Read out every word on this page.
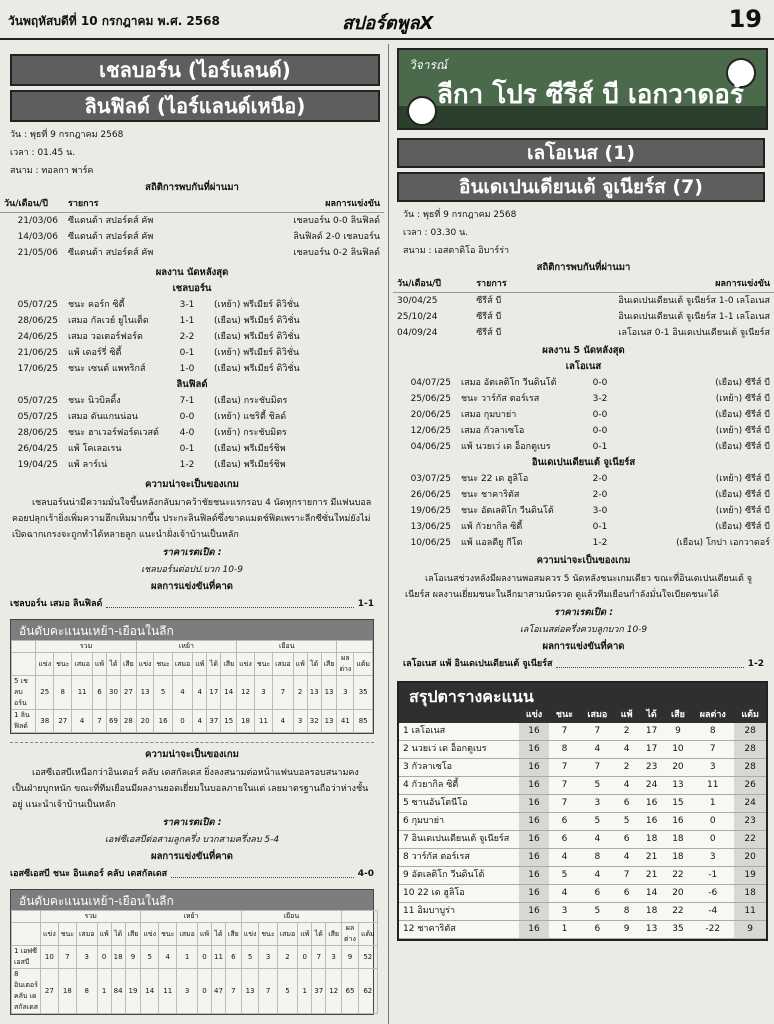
วันพฤหัสบดีที่ 10 กรกฎาคม พ.ศ. 2568	สปอร์ตพูลX	19
เชลบอร์น (ไอร์แลนด์)
ลินฟิลด์ (ไอร์แลนด์เหนือ)
วัน : พุธที่ 9 กรกฎาคม 2568
เวลา : 01.45 น.
สนาม : ทอลกา พาร์ค
สถิติการพบกันที่ผ่านมา
วัน/เดือน/ปี	รายการ	ผลการแข่งขัน
21/03/06	ซีแตนต้า สปอร์ตส์ คัพ	เชลบอร์น 0-0 ลินฟิลด์
14/03/06	ซีแตนต้า สปอร์ตส์ คัพ	ลินฟิลด์ 2-0 เชลบอร์น
21/05/06	ซีแตนต้า สปอร์ตส์ คัพ	เชลบอร์น 0-2 ลินฟิลด์
ผลงาน นัดหลังสุด
เชลบอร์น
05/07/25	ชนะ คอร์ก ซิตี้	3-1	(เหย้า) พรีเมียร์ ดิวิชั่น
28/06/25	เสมอ กัลเวย์ ยูไนเต็ด	1-1	(เยือน) พรีเมียร์ ดิวิชั่น
24/06/25	เสมอ วอเตอร์ฟอร์ด	2-2	(เยือน) พรีเมียร์ ดิวิชั่น
21/06/25	แพ้ เดอร์รี่ ซิตี้	0-1	(เหย้า) พรีเมียร์ ดิวิชั่น
17/06/25	ชนะ เซนต์ แพทริกส์	1-0	(เยือน) พรีเมียร์ ดิวิชั่น
ลินฟิลด์
05/07/25	ชนะ นิวบิลดิ้ง	7-1	(เยือน) กระชับมิตร
05/07/25	เสมอ ดันแกนน่อน	0-0	(เหย้า) แชริตี้ ชิลด์
28/06/25	ชนะ ฮาเวอร์ฟอร์ดเวสต์	4-0	(เหย้า) กระชับมิตร
26/04/25	แพ้ โคเลอเรน	0-1	(เยือน) พรีเมียร์ชิพ
19/04/25	แพ้ ลาร์เน่	1-2	(เยือน) พรีเมียร์ชิพ
ความน่าจะเป็นของเกม
เชลบอร์นน่ามีความมั่นใจขึ้นหลังกลับมาคว้าชัยชนะแรกรอบ 4 นัดทุกรายการ มีแฟนบอลคอยปลุกเร้ายิ่งเพิ่มความฮึกเหิมมากขึ้น ประกะลินฟิลด์ซึ่งขาดแมตช์ฟิตเพราะลีกซีซั่นใหม่ยังไม่เปิดฉากเกรงจะถูกทำได้หลายลูก แนะนำฝั่งเจ้าบ้านเป็นหลัก
ราคาเรตเปิด :
เชลบอร์นต่อปป.บวก 10-9
ผลการแข่งขันที่คาด
เชลบอร์น เสมอ ลินฟิลด์	1-1
อันดับคะแนนเหย้า-เยือนในลีก
	รวม						เหย้า						เยือน							
	แข่ง	ชนะ	เสมอ	แพ้	ได้	เสีย	แข่ง	ชนะ	เสมอ	แพ้	ได้	เสีย	แข่ง	ชนะ	เสมอ	แพ้	ได้	เสีย	ผลต่าง	แต้ม
5 เชลบอร์น	25	8	11	6	30	27	13	5	4	4	17	14	12	3	7	2	13	13	3	35
1 ลินฟิลด์	38	27	4	7	69	28	20	16	0	4	37	15	18	11	4	3	32	13	41	85
ความน่าจะเป็นของเกม
เอสซีเอสบีเหนือกว่าอินเตอร์ คลับ เดสกัลเดส ยิ่งลงสนามต่อหน้าแฟนบอลรอบสนามคงเป็นฝ่ายบุกหนัก ขณะที่ทีมเยือนมีผลงานยอดเยี่ยมในบอลภายในแต่ เลยมาตรฐานถือว่าห่างชั้นอยู่ แนะนำเจ้าบ้านเป็นหลัก
ราคาเรตเปิด :
เอฟซีเอสบีต่อสามลูกครึ่ง บวกสามครึ่งลบ 5-4
ผลการแข่งขันที่คาด
เอสซีเอสบี ชนะ อินเตอร์ คลับ เดสกัลเดส	4-0
อันดับคะแนนเหย้า-เยือนในลีก
	รวม						เหย้า						เยือน							
	แข่ง	ชนะ	เสมอ	แพ้	ได้	เสีย	แข่ง	ชนะ	เสมอ	แพ้	ได้	เสีย	แข่ง	ชนะ	เสมอ	แพ้	ได้	เสีย	ผลต่าง	แต้ม
1 เอฟซีเอสบี	10	7	3	0	18	9	5	4	1	0	11	6	5	3	2	0	7	3	9	52
8 อินเตอร์ คลับ เดสกัลเดส	27	18	8	1	84	19	14	11	3	0	47	7	13	7	5	1	37	12	65	62
วิจารณ์
ลีกา โปร ซีรีส์ บี เอกวาดอร์
เลโอเนส (1)
อินเดเปนเดียนเต้ จูเนียร์ส (7)
วัน : พุธที่ 9 กรกฎาคม 2568
เวลา : 03.30 น.
สนาม : เอสตาดิโอ อิบาร์ร่า
สถิติการพบกันที่ผ่านมา
วัน/เดือน/ปี	รายการ	ผลการแข่งขัน
30/04/25	ซีรีส์ บี	อินเดเปนเดียนเต้ จูเนียร์ส 1-0 เลโอเนส
25/10/24	ซีรีส์ บี	อินเดเปนเดียนเต้ จูเนียร์ส 1-1 เลโอเนส
04/09/24	ซีรีส์ บี	เลโอเนส 0-1 อินเดเปนเดียนเต้ จูเนียร์ส
ผลงาน 5 นัดหลังสุด
เลโอเนส
04/07/25	เสมอ อัตเลติโก วีนดินโต้	0-0	(เยือน) ซีรีส์ บี
25/06/25	ชนะ วาร์กัส ตอร์เรส	3-2	(เหย้า) ซีรีส์ บี
20/06/25	เสมอ กุมบาย่า	0-0	(เยือน) ซีรีส์ บี
12/06/25	เสมอ กัวลาเซโอ	0-0	(เหย้า) ซีรีส์ บี
04/06/25	แพ้ นวยเว่ เด อ็อกตูเบร	0-1	(เยือน) ซีรีส์ บี
อินเดเปนเดียนเต้ จูเนียร์ส
03/07/25	ชนะ 22 เด ฮูลิโอ	2-0	(เหย้า) ซีรีส์ บี
26/06/25	ชนะ ชาคาริตัส	2-0	(เยือน) ซีรีส์ บี
19/06/25	ชนะ อัตเลติโก วีนดินโต้	3-0	(เหย้า) ซีรีส์ บี
13/06/25	แพ้ กัวยากิล ซิตี้	0-1	(เยือน) ซีรีส์ บี
10/06/25	แพ้ แอลดียู กีโต	1-2	(เยือน) โกปา เอกวาดอร์
ความน่าจะเป็นของเกม
เลโอเนสช่วงหลังมีผลงานพอสมควร 5 นัดหลังชนะเกมเดียว ขณะที่อินเดเปนเดียนเต้ จูเนียร์ส ผลงานเยี่ยมชนะในลีกมาสามนัดรวด ดูแล้วทีมเยือนกำลังมั่นใจเบียดชนะได้
ราคาเรตเปิด :
เลโอเนสต่อครึ่งควบลูกบวก 10-9
ผลการแข่งขันที่คาด
เลโอเนส แพ้ อินเดเปนเดียนเต้ จูเนียร์ส	1-2
สรุปตารางคะแนน
	แข่ง	ชนะ	เสมอ	แพ้	ได้	เสีย	ผลต่าง	แต้ม
1 เลโอเนส	16	7	7	2	17	9	8	28
2 นวยเว่ เด อ็อกตูเบร	16	8	4	4	17	10	7	28
3 กัวลาเซโอ	16	7	7	2	23	20	3	28
4 กัวยากิล ซิตี้	16	7	5	4	24	13	11	26
5 ซานอันโตนีโอ	16	7	3	6	16	15	1	24
6 กุมบาย่า	16	6	5	5	16	16	0	23
7 อินเดเปนเดียนเต้ จูเนียร์ส	16	6	4	6	18	18	0	22
8 วาร์กัส ตอร์เรส	16	4	8	4	21	18	3	20
9 อัตเลติโก วีนดินโต้	16	5	4	7	21	22	-1	19
10 22 เด ฮูลิโอ	16	4	6	6	14	20	-6	18
11 อิมบาบูร่า	16	3	5	8	18	22	-4	11
12 ชาคาริตัส	16	1	6	9	13	35	-22	9
